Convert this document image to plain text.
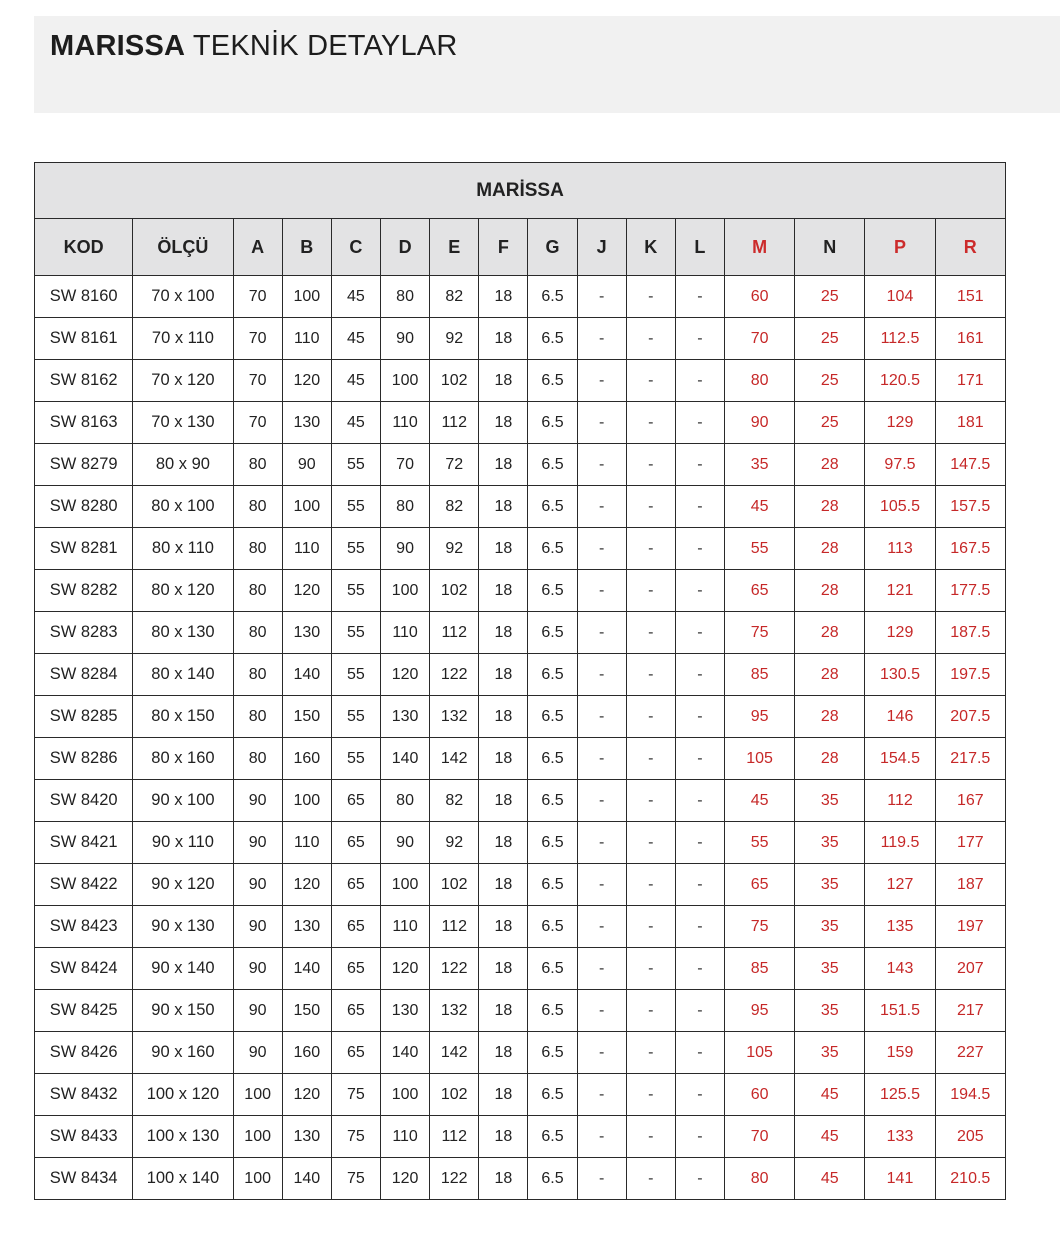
MARISSA TEKNİK DETAYLAR
MARİSSA															
KOD	ÖLÇÜ	A	B	C	D	E	F	G	J	K	L	M	N	P	R
SW 8160	70 x 100	70	100	45	80	82	18	6.5	-	-	-	60	25	104	151
SW 8161	70 x 110	70	110	45	90	92	18	6.5	-	-	-	70	25	112.5	161
SW 8162	70 x 120	70	120	45	100	102	18	6.5	-	-	-	80	25	120.5	171
SW 8163	70 x 130	70	130	45	110	112	18	6.5	-	-	-	90	25	129	181
SW 8279	80 x 90	80	90	55	70	72	18	6.5	-	-	-	35	28	97.5	147.5
SW 8280	80 x 100	80	100	55	80	82	18	6.5	-	-	-	45	28	105.5	157.5
SW 8281	80 x 110	80	110	55	90	92	18	6.5	-	-	-	55	28	113	167.5
SW 8282	80 x 120	80	120	55	100	102	18	6.5	-	-	-	65	28	121	177.5
SW 8283	80 x 130	80	130	55	110	112	18	6.5	-	-	-	75	28	129	187.5
SW 8284	80 x 140	80	140	55	120	122	18	6.5	-	-	-	85	28	130.5	197.5
SW 8285	80 x 150	80	150	55	130	132	18	6.5	-	-	-	95	28	146	207.5
SW 8286	80 x 160	80	160	55	140	142	18	6.5	-	-	-	105	28	154.5	217.5
SW 8420	90 x 100	90	100	65	80	82	18	6.5	-	-	-	45	35	112	167
SW 8421	90 x 110	90	110	65	90	92	18	6.5	-	-	-	55	35	119.5	177
SW 8422	90 x 120	90	120	65	100	102	18	6.5	-	-	-	65	35	127	187
SW 8423	90 x 130	90	130	65	110	112	18	6.5	-	-	-	75	35	135	197
SW 8424	90 x 140	90	140	65	120	122	18	6.5	-	-	-	85	35	143	207
SW 8425	90 x 150	90	150	65	130	132	18	6.5	-	-	-	95	35	151.5	217
SW 8426	90 x 160	90	160	65	140	142	18	6.5	-	-	-	105	35	159	227
SW 8432	100 x 120	100	120	75	100	102	18	6.5	-	-	-	60	45	125.5	194.5
SW 8433	100 x 130	100	130	75	110	112	18	6.5	-	-	-	70	45	133	205
SW 8434	100 x 140	100	140	75	120	122	18	6.5	-	-	-	80	45	141	210.5
